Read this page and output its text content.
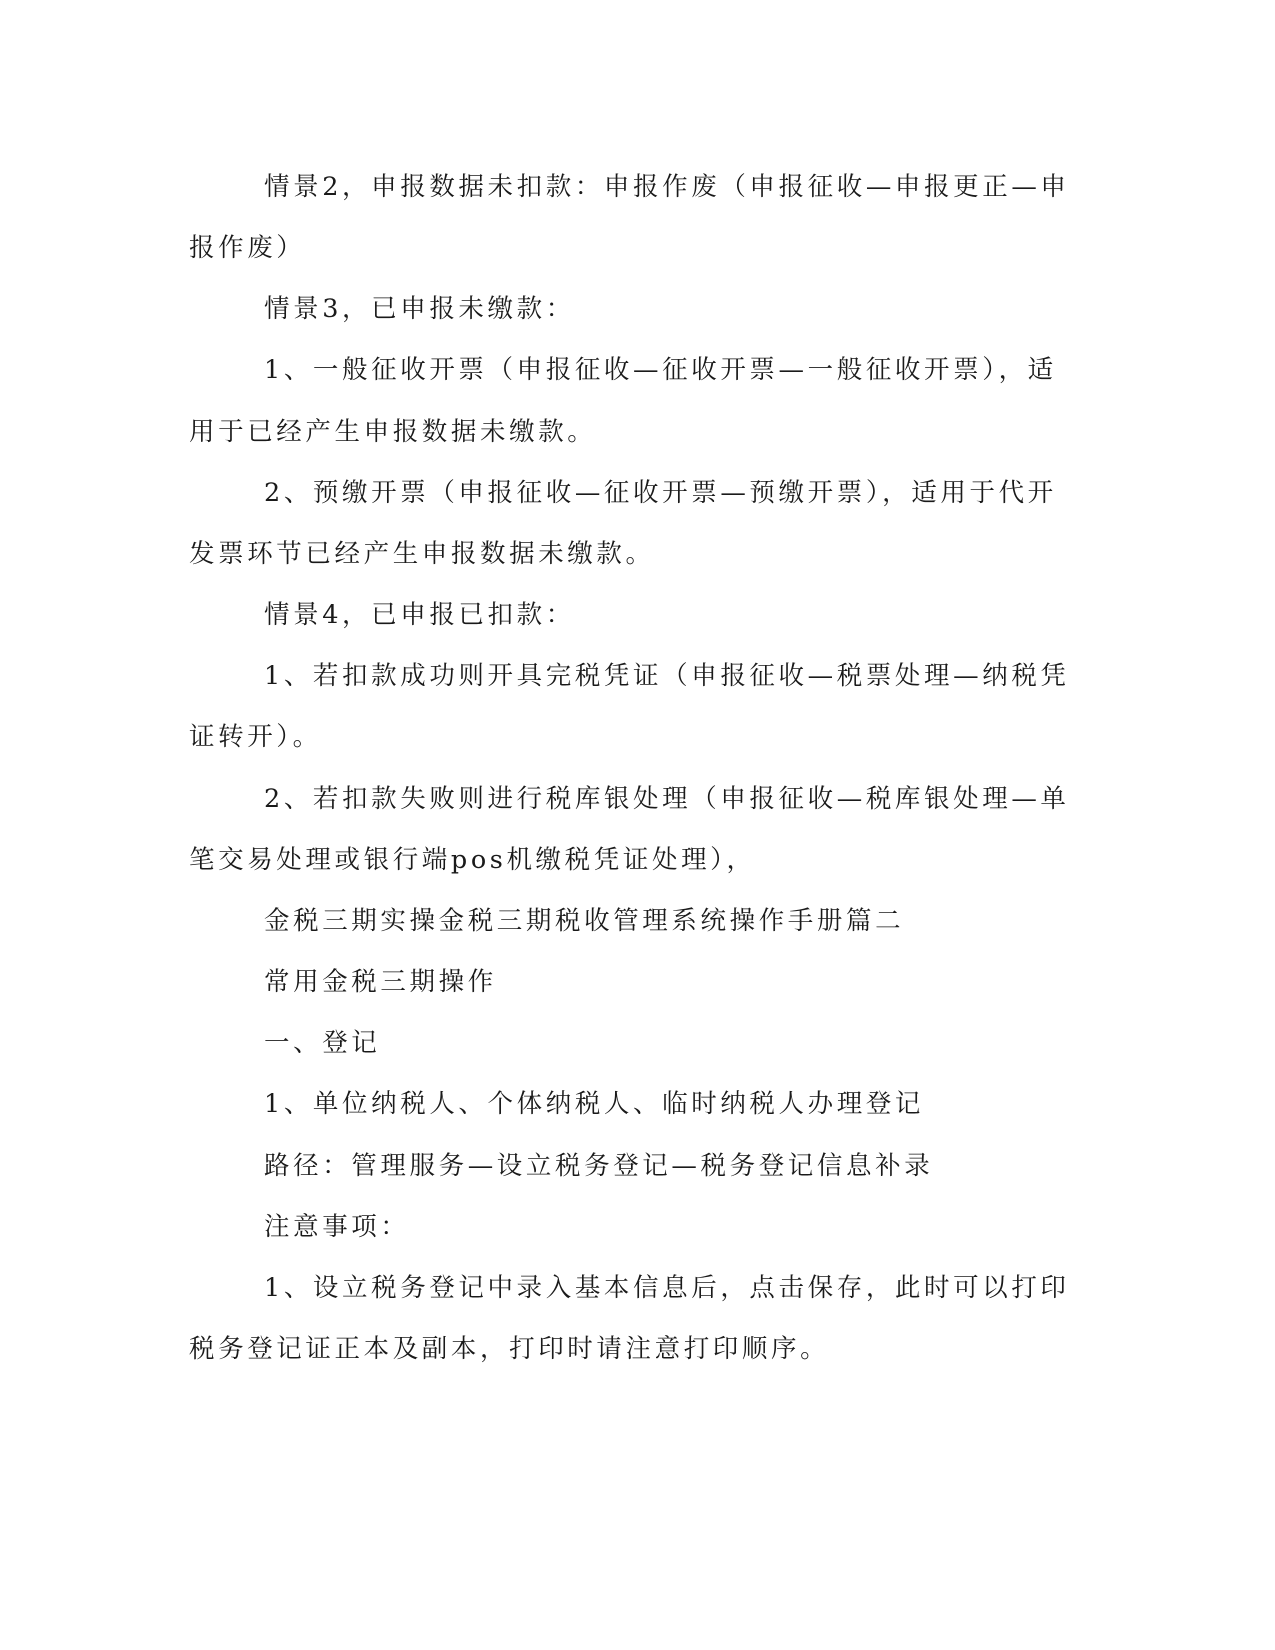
情景2，申报数据未扣款：申报作废（申报征收—申报更正—申
报作废）
情景3，已申报未缴款：
1、一般征收开票（申报征收—征收开票—一般征收开票），适
用于已经产生申报数据未缴款。
2、预缴开票（申报征收—征收开票—预缴开票），适用于代开
发票环节已经产生申报数据未缴款。
情景4，已申报已扣款：
1、若扣款成功则开具完税凭证（申报征收—税票处理—纳税凭
证转开）。
2、若扣款失败则进行税库银处理（申报征收—税库银处理—单
笔交易处理或银行端pos机缴税凭证处理），
金税三期实操金税三期税收管理系统操作手册篇二
常用金税三期操作
一、登记
1、单位纳税人、个体纳税人、临时纳税人办理登记
路径：管理服务—设立税务登记—税务登记信息补录
注意事项：
1、设立税务登记中录入基本信息后，点击保存，此时可以打印
税务登记证正本及副本，打印时请注意打印顺序。
